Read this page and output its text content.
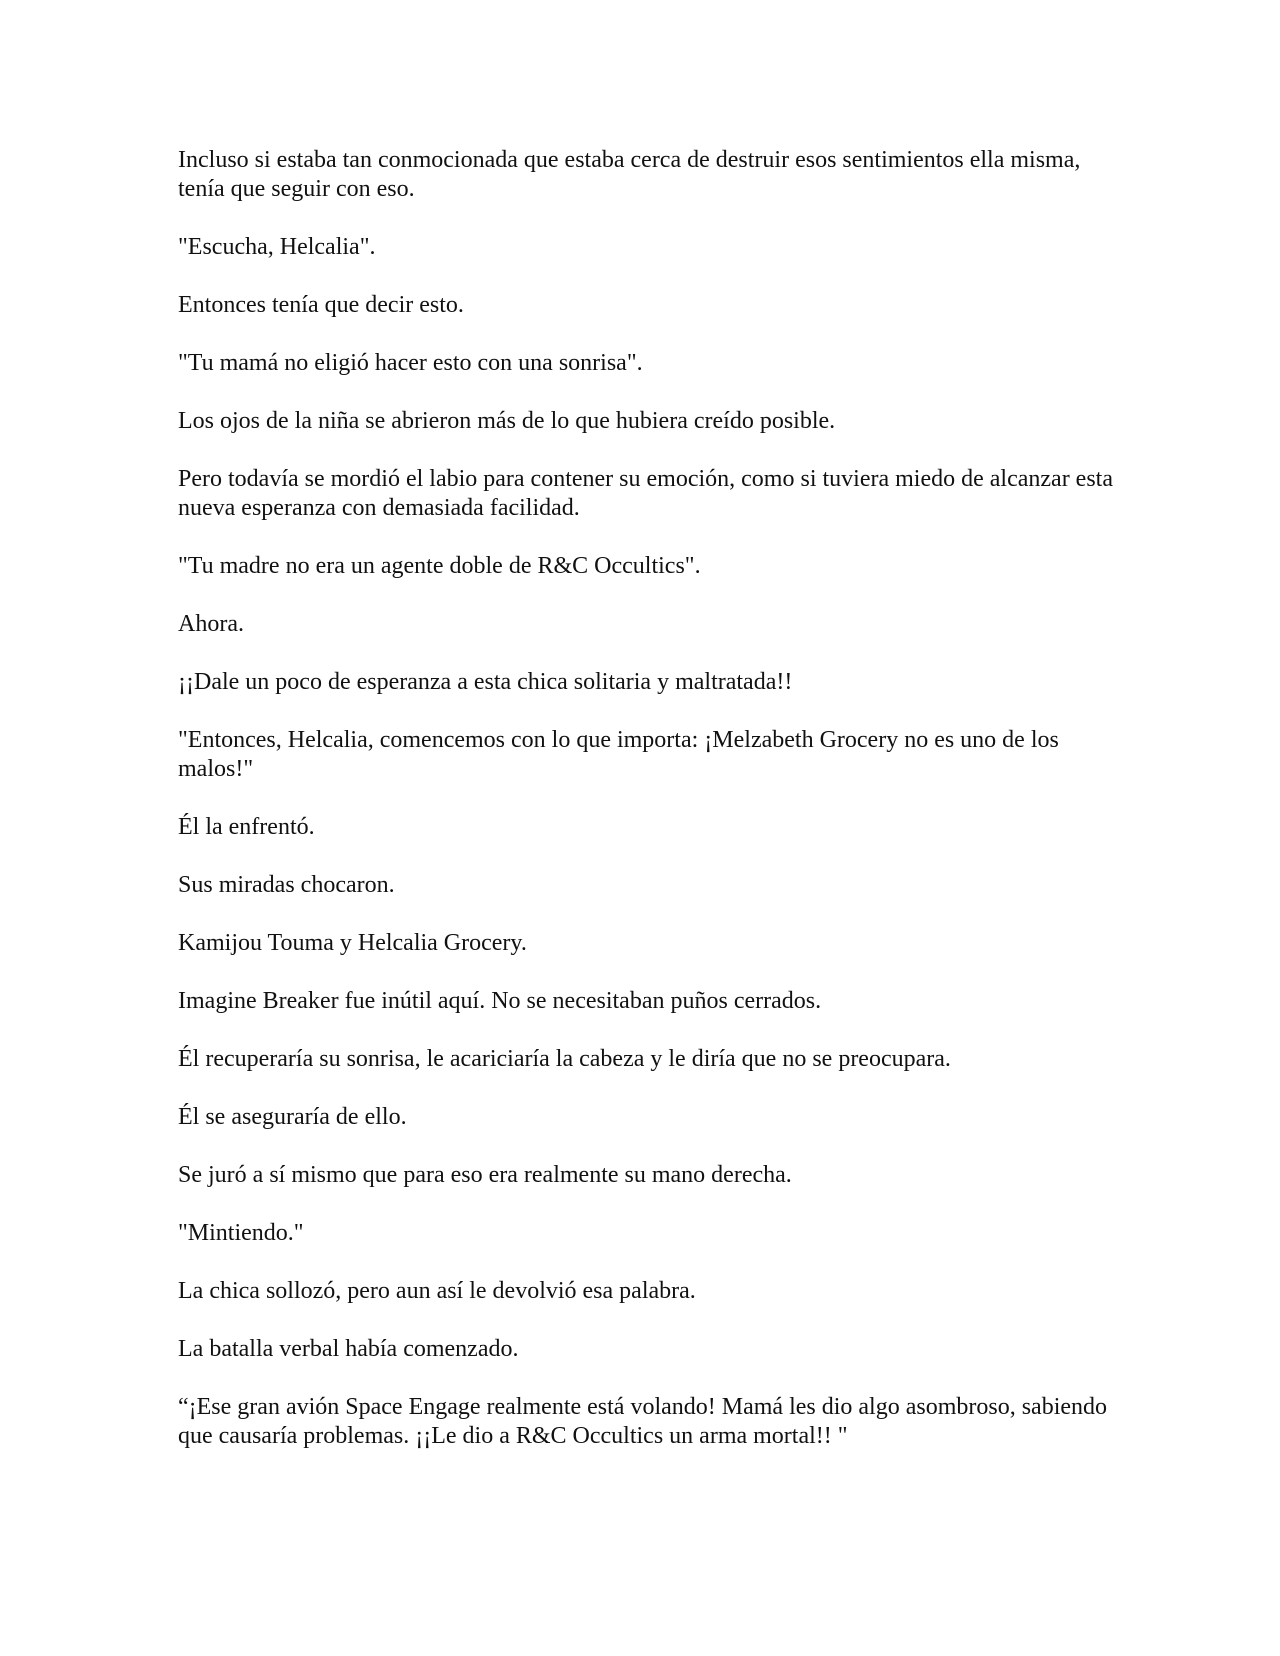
Incluso si estaba tan conmocionada que estaba cerca de destruir esos sentimientos ella misma, tenía que seguir con eso.

"Escucha, Helcalia".

Entonces tenía que decir esto.

"Tu mamá no eligió hacer esto con una sonrisa".

Los ojos de la niña se abrieron más de lo que hubiera creído posible.

Pero todavía se mordió el labio para contener su emoción, como si tuviera miedo de alcanzar esta nueva esperanza con demasiada facilidad.

"Tu madre no era un agente doble de R&C Occultics".

Ahora.

¡¡Dale un poco de esperanza a esta chica solitaria y maltratada!!

"Entonces, Helcalia, comencemos con lo que importa: ¡Melzabeth Grocery no es uno de los malos!"

Él la enfrentó.

Sus miradas chocaron.

Kamijou Touma y Helcalia Grocery.

Imagine Breaker fue inútil aquí. No se necesitaban puños cerrados.

Él recuperaría su sonrisa, le acariciaría la cabeza y le diría que no se preocupara.

Él se aseguraría de ello.

Se juró a sí mismo que para eso era realmente su mano derecha.

"Mintiendo."

La chica sollozó, pero aun así le devolvió esa palabra.

La batalla verbal había comenzado.

“¡Ese gran avión Space Engage realmente está volando! Mamá les dio algo asombroso, sabiendo que causaría problemas. ¡¡Le dio a R&C Occultics un arma mortal!! "
